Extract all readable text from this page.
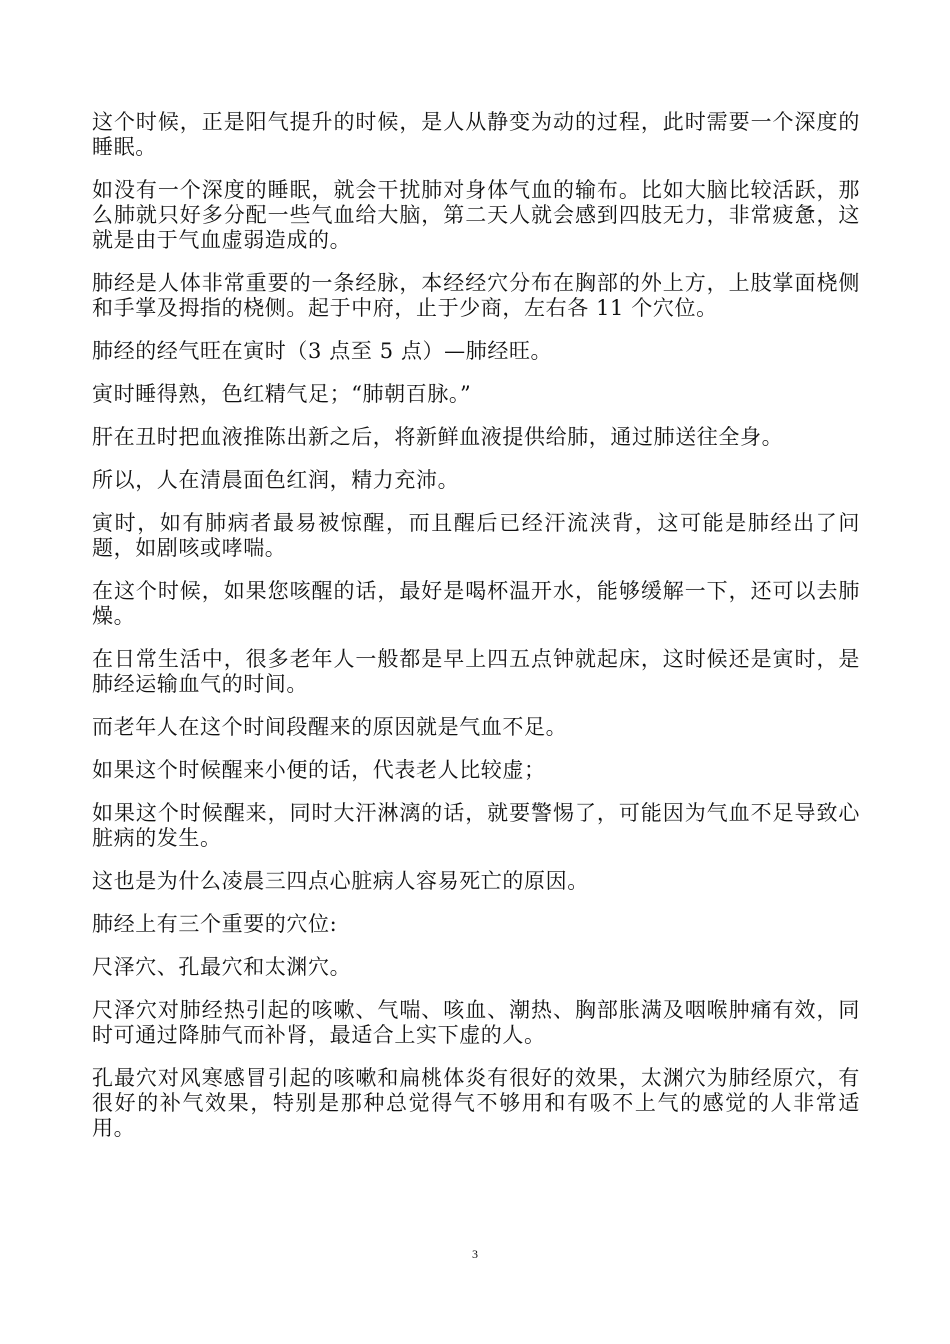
这个时候，正是阳气提升的时候，是人从静变为动的过程，此时需要一个深度的睡眠。

如没有一个深度的睡眠，就会干扰肺对身体气血的输布。比如大脑比较活跃，那么肺就只好多分配一些气血给大脑，第二天人就会感到四肢无力，非常疲惫，这就是由于气血虚弱造成的。

肺经是人体非常重要的一条经脉，本经经穴分布在胸部的外上方，上肢掌面桡侧和手掌及拇指的桡侧。起于中府，止于少商，左右各 11 个穴位。

肺经的经气旺在寅时（3 点至 5 点）—肺经旺。

寅时睡得熟，色红精气足；“肺朝百脉。”

肝在丑时把血液推陈出新之后，将新鲜血液提供给肺，通过肺送往全身。

所以，人在清晨面色红润，精力充沛。

寅时，如有肺病者最易被惊醒，而且醒后已经汗流浃背，这可能是肺经出了问题，如剧咳或哮喘。

在这个时候，如果您咳醒的话，最好是喝杯温开水，能够缓解一下，还可以去肺燥。

在日常生活中，很多老年人一般都是早上四五点钟就起床，这时候还是寅时，是肺经运输血气的时间。

而老年人在这个时间段醒来的原因就是气血不足。

如果这个时候醒来小便的话，代表老人比较虚；

如果这个时候醒来，同时大汗淋漓的话，就要警惕了，可能因为气血不足导致心脏病的发生。

这也是为什么凌晨三四点心脏病人容易死亡的原因。

肺经上有三个重要的穴位:

尺泽穴、孔最穴和太渊穴。

尺泽穴对肺经热引起的咳嗽、气喘、咳血、潮热、胸部胀满及咽喉肿痛有效，同时可通过降肺气而补肾，最适合上实下虚的人。

孔最穴对风寒感冒引起的咳嗽和扁桃体炎有很好的效果，太渊穴为肺经原穴，有很好的补气效果，特别是那种总觉得气不够用和有吸不上气的感觉的人非常适用。

3
